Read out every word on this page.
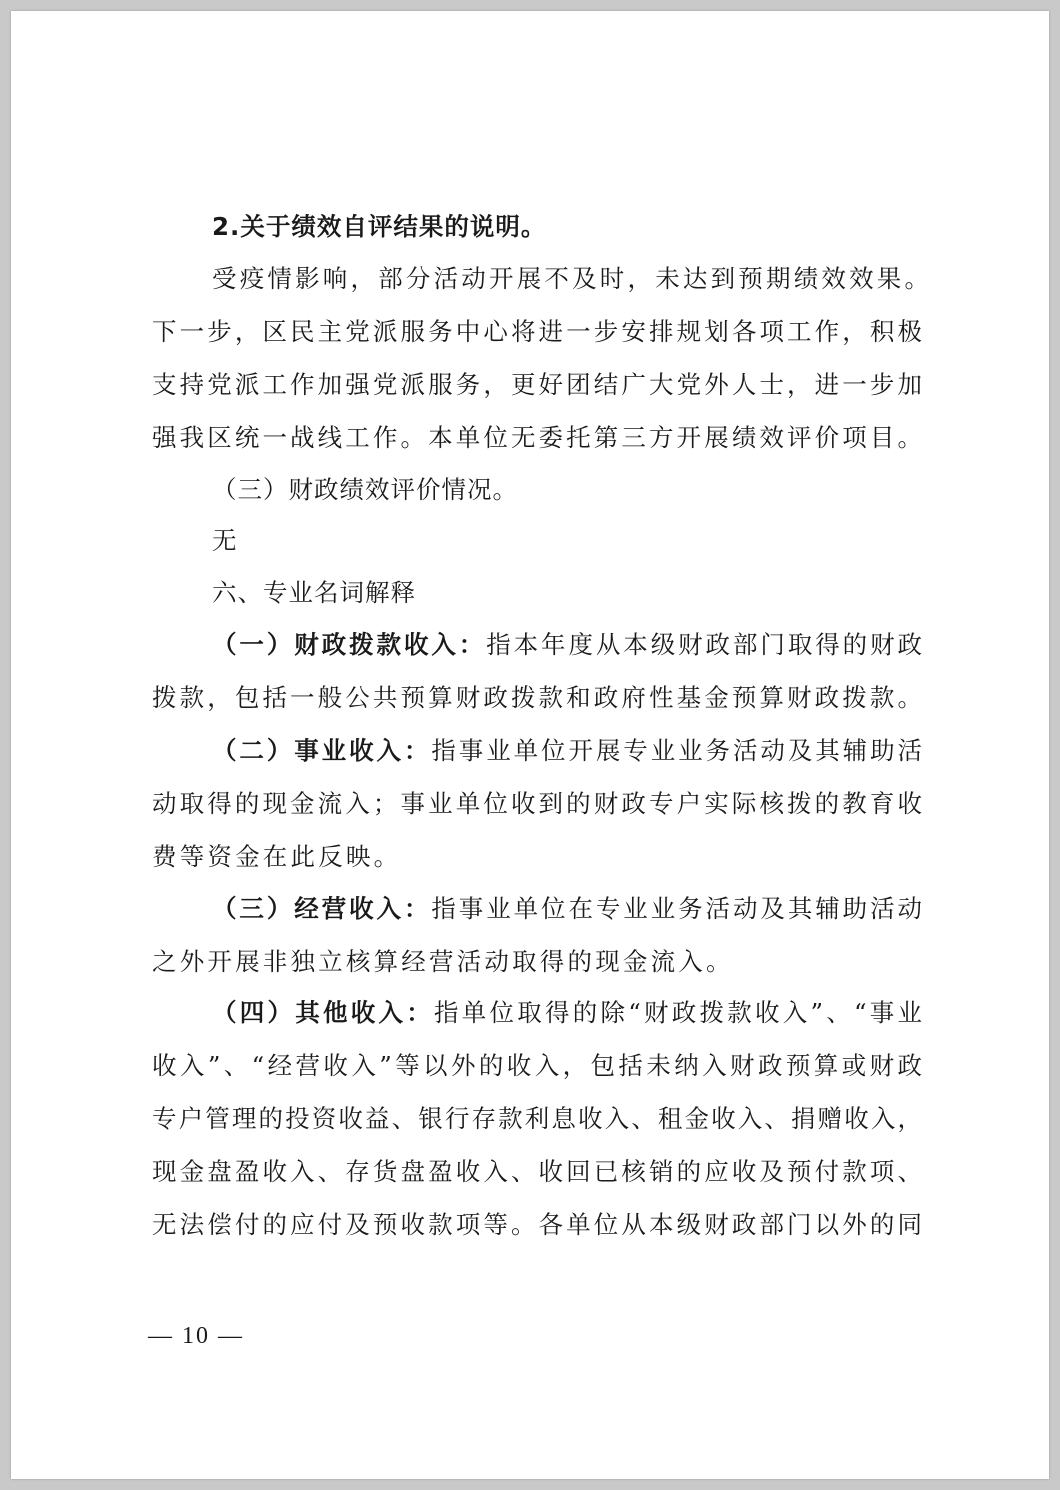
2.关于绩效自评结果的说明。
受疫情影响，部分活动开展不及时，未达到预期绩效效果。
下一步，区民主党派服务中心将进一步安排规划各项工作，积极
支持党派工作加强党派服务，更好团结广大党外人士，进一步加
强我区统一战线工作。本单位无委托第三方开展绩效评价项目。
（三）财政绩效评价情况。
无
六、专业名词解释
（一）财政拨款收入：指本年度从本级财政部门取得的财政
拨款，包括一般公共预算财政拨款和政府性基金预算财政拨款。
（二）事业收入：指事业单位开展专业业务活动及其辅助活
动取得的现金流入；事业单位收到的财政专户实际核拨的教育收
费等资金在此反映。
（三）经营收入：指事业单位在专业业务活动及其辅助活动
之外开展非独立核算经营活动取得的现金流入。
（四）其他收入：指单位取得的除“财政拨款收入”、“事业
收入”、“经营收入”等以外的收入，包括未纳入财政预算或财政
专户管理的投资收益、银行存款利息收入、租金收入、捐赠收入，
现金盘盈收入、存货盘盈收入、收回已核销的应收及预付款项、
无法偿付的应付及预收款项等。各单位从本级财政部门以外的同
— 10 —
